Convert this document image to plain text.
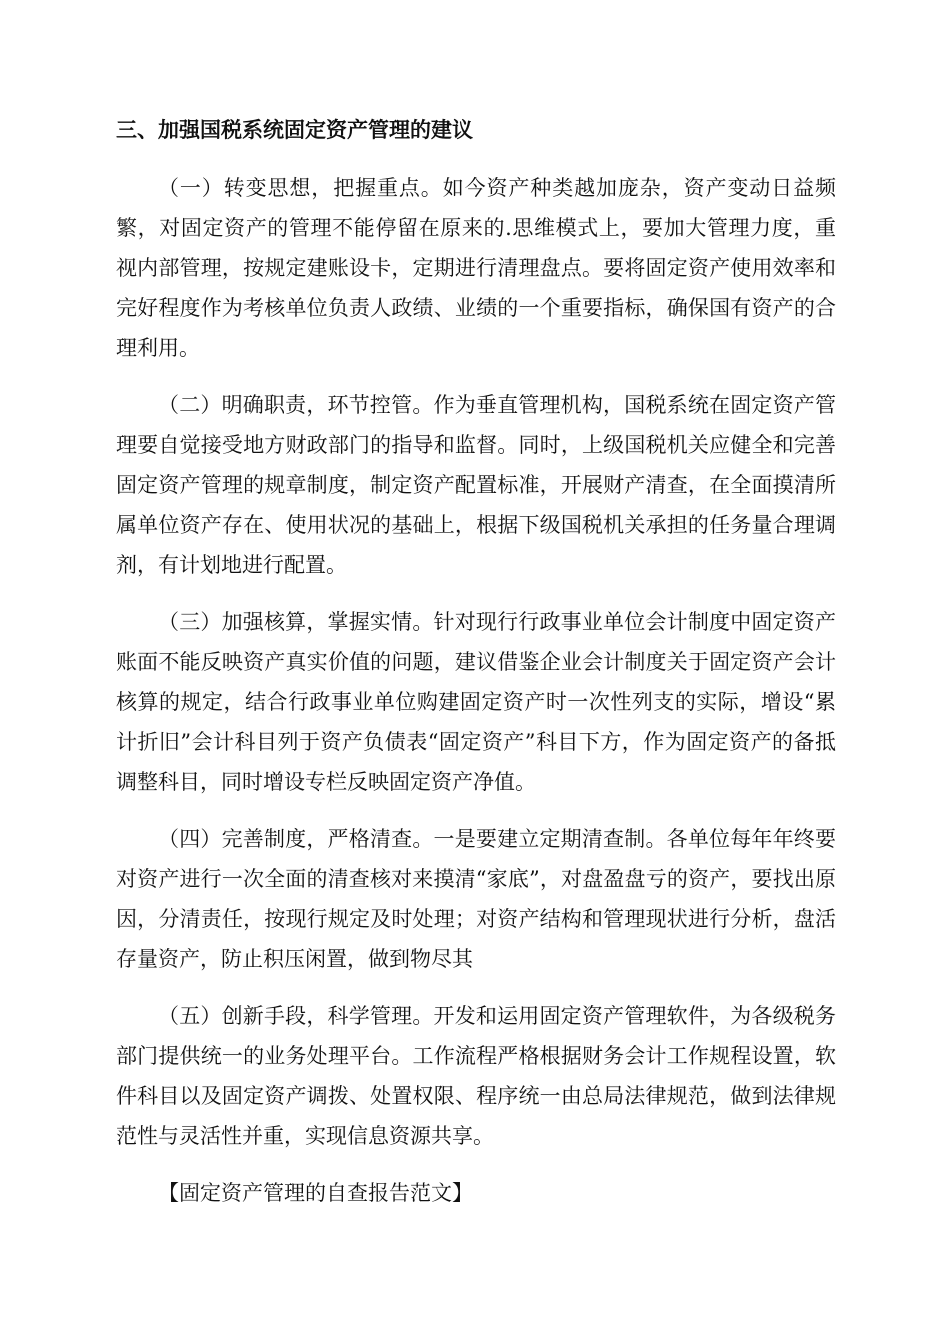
三、加强国税系统固定资产管理的建议

（一）转变思想，把握重点。如今资产种类越加庞杂，资产变动日益频繁，对固定资产的管理不能停留在原来的.思维模式上，要加大管理力度，重视内部管理，按规定建账设卡，定期进行清理盘点。要将固定资产使用效率和完好程度作为考核单位负责人政绩、业绩的一个重要指标，确保国有资产的合理利用。

（二）明确职责，环节控管。作为垂直管理机构，国税系统在固定资产管理要自觉接受地方财政部门的指导和监督。同时，上级国税机关应健全和完善固定资产管理的规章制度，制定资产配置标准，开展财产清查，在全面摸清所属单位资产存在、使用状况的基础上，根据下级国税机关承担的任务量合理调剂，有计划地进行配置。

（三）加强核算，掌握实情。针对现行行政事业单位会计制度中固定资产账面不能反映资产真实价值的问题，建议借鉴企业会计制度关于固定资产会计核算的规定，结合行政事业单位购建固定资产时一次性列支的实际，增设“累计折旧”会计科目列于资产负债表“固定资产”科目下方，作为固定资产的备抵调整科目，同时增设专栏反映固定资产净值。

（四）完善制度，严格清查。一是要建立定期清查制。各单位每年年终要对资产进行一次全面的清查核对来摸清“家底”，对盘盈盘亏的资产，要找出原因，分清责任，按现行规定及时处理；对资产结构和管理现状进行分析，盘活存量资产，防止积压闲置，做到物尽其

（五）创新手段，科学管理。开发和运用固定资产管理软件，为各级税务部门提供统一的业务处理平台。工作流程严格根据财务会计工作规程设置，软件科目以及固定资产调拨、处置权限、程序统一由总局法律规范，做到法律规范性与灵活性并重，实现信息资源共享。

【固定资产管理的自查报告范文】
